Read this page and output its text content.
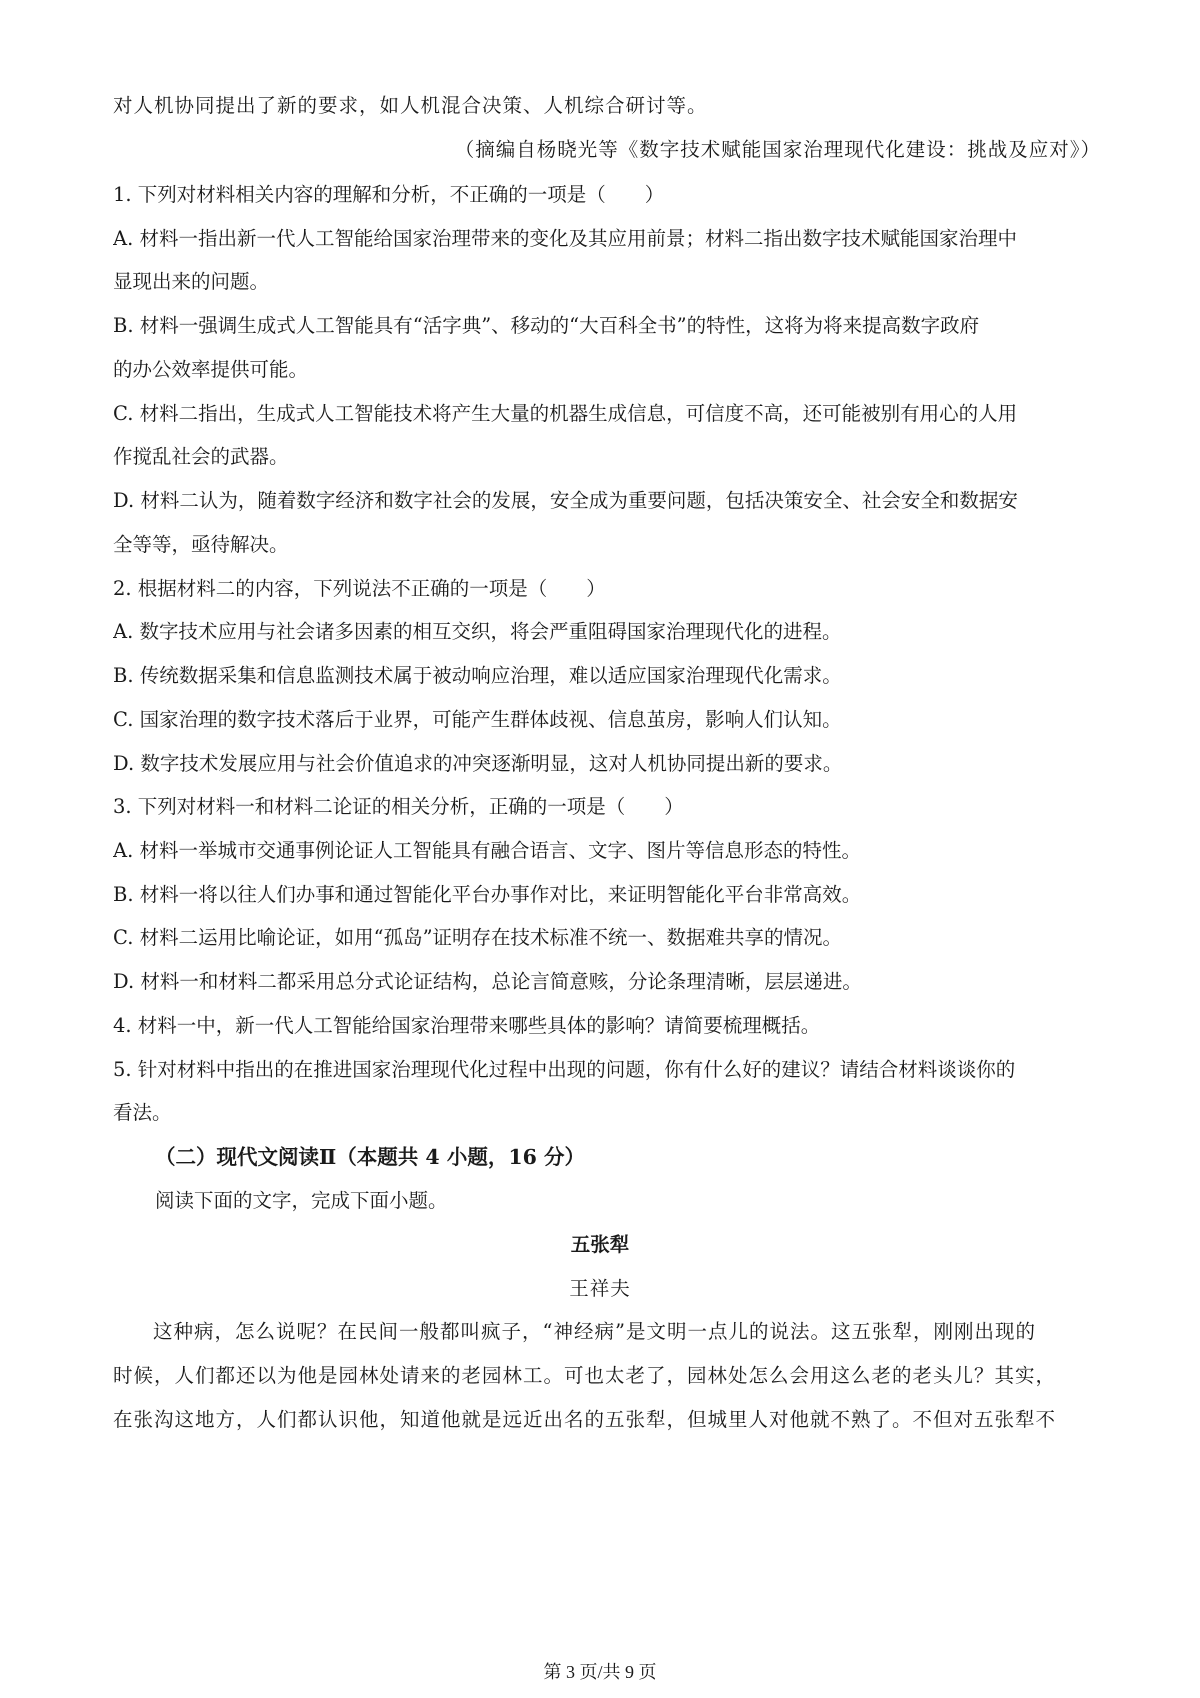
对人机协同提出了新的要求，如人机混合决策、人机综合研讨等。
（摘编自杨晓光等《数字技术赋能国家治理现代化建设：挑战及应对》）
1. 下列对材料相关内容的理解和分析，不正确的一项是（　　）
A. 材料一指出新一代人工智能给国家治理带来的变化及其应用前景；材料二指出数字技术赋能国家治理中
显现出来的问题。
B. 材料一强调生成式人工智能具有“活字典”、移动的“大百科全书”的特性，这将为将来提高数字政府
的办公效率提供可能。
C. 材料二指出，生成式人工智能技术将产生大量的机器生成信息，可信度不高，还可能被别有用心的人用
作搅乱社会的武器。
D. 材料二认为，随着数字经济和数字社会的发展，安全成为重要问题，包括决策安全、社会安全和数据安
全等等，亟待解决。
2. 根据材料二的内容，下列说法不正确的一项是（　　）
A. 数字技术应用与社会诸多因素的相互交织，将会严重阻碍国家治理现代化的进程。
B. 传统数据采集和信息监测技术属于被动响应治理，难以适应国家治理现代化需求。
C. 国家治理的数字技术落后于业界，可能产生群体歧视、信息茧房，影响人们认知。
D. 数字技术发展应用与社会价值追求的冲突逐渐明显，这对人机协同提出新的要求。
3. 下列对材料一和材料二论证的相关分析，正确的一项是（　　）
A. 材料一举城市交通事例论证人工智能具有融合语言、文字、图片等信息形态的特性。
B. 材料一将以往人们办事和通过智能化平台办事作对比，来证明智能化平台非常高效。
C. 材料二运用比喻论证，如用“孤岛”证明存在技术标准不统一、数据难共享的情况。
D. 材料一和材料二都采用总分式论证结构，总论言简意赅，分论条理清晰，层层递进。
4. 材料一中，新一代人工智能给国家治理带来哪些具体的影响？请简要梳理概括。
5. 针对材料中指出的在推进国家治理现代化过程中出现的问题，你有什么好的建议？请结合材料谈谈你的
看法。
（二）现代文阅读Ⅱ（本题共 4 小题，16 分）
阅读下面的文字，完成下面小题。
五张犁
王祥夫
这种病，怎么说呢？在民间一般都叫疯子，“神经病”是文明一点儿的说法。这五张犁，刚刚出现的
时候，人们都还以为他是园林处请来的老园林工。可也太老了，园林处怎么会用这么老的老头儿？其实，
在张沟这地方，人们都认识他，知道他就是远近出名的五张犁，但城里人对他就不熟了。不但对五张犁不
第 3 页/共 9 页
